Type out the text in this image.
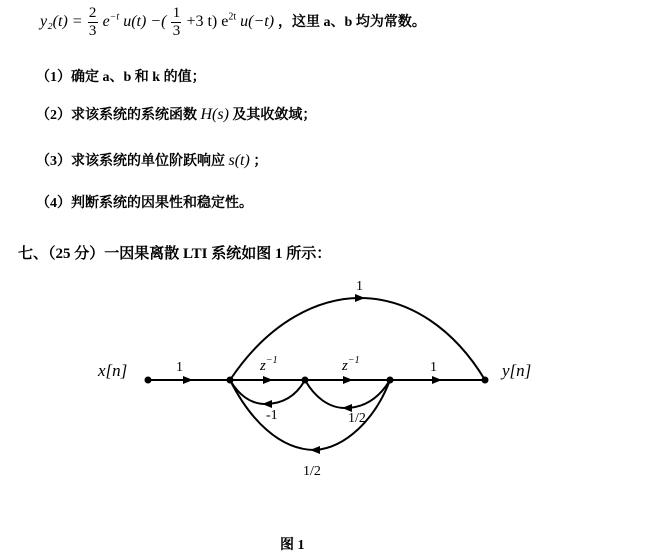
$y_2(t) = \frac{2}{3} e^{-t}$ u(t) −( $\frac{1}{3} +3$ t) $e^{2t}$ u(−t) ，这里 a、b 均为常数。
（1）确定 a、b 和 k 的值；
（2）求该系统的系统函数 H(s) 及其收敛域；
（3）求该系统的单位阶跃响应 s(t) ；
（4）判断系统的因果性和稳定性。
七、（25 分）一因果离散 LTI 系统如图 1 所示：
x[n]	y[n]
1	1
1
$z^{-1}$	$z^{-1}$
-1	1/2
1/2
图 1
